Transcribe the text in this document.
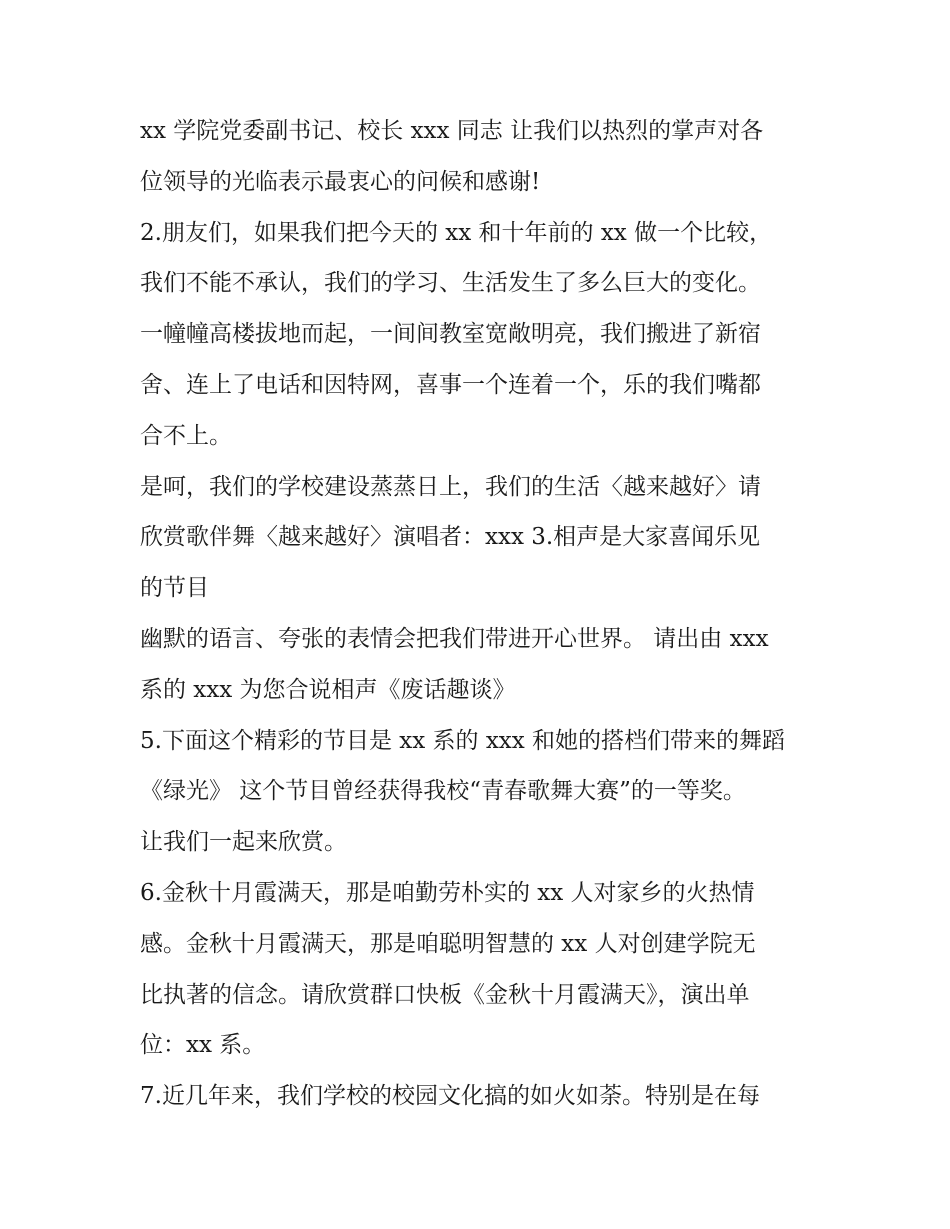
xx 学院党委副书记、校长 xxx 同志 让我们以热烈的掌声对各
位领导的光临表示最衷心的问候和感谢!
2.朋友们，如果我们把今天的 xx 和十年前的 xx 做一个比较，
我们不能不承认，我们的学习、生活发生了多么巨大的变化。
一幢幢高楼拔地而起，一间间教室宽敞明亮，我们搬进了新宿
舍、连上了电话和因特网，喜事一个连着一个，乐的我们嘴都
合不上。
是呵，我们的学校建设蒸蒸日上，我们的生活〈越来越好〉请
欣赏歌伴舞〈越来越好〉演唱者：xxx 3.相声是大家喜闻乐见
的节目
幽默的语言、夸张的表情会把我们带进开心世界。 请出由 xxx
系的 xxx 为您合说相声《废话趣谈》
5.下面这个精彩的节目是 xx 系的 xxx 和她的搭档们带来的舞蹈
《绿光》 这个节目曾经获得我校“青春歌舞大赛”的一等奖。
让我们一起来欣赏。
6.金秋十月霞满天，那是咱勤劳朴实的 xx 人对家乡的火热情
感。金秋十月霞满天，那是咱聪明智慧的 xx 人对创建学院无
比执著的信念。请欣赏群口快板《金秋十月霞满天》，演出单
位：xx 系。
7.近几年来，我们学校的校园文化搞的如火如荼。特别是在每
